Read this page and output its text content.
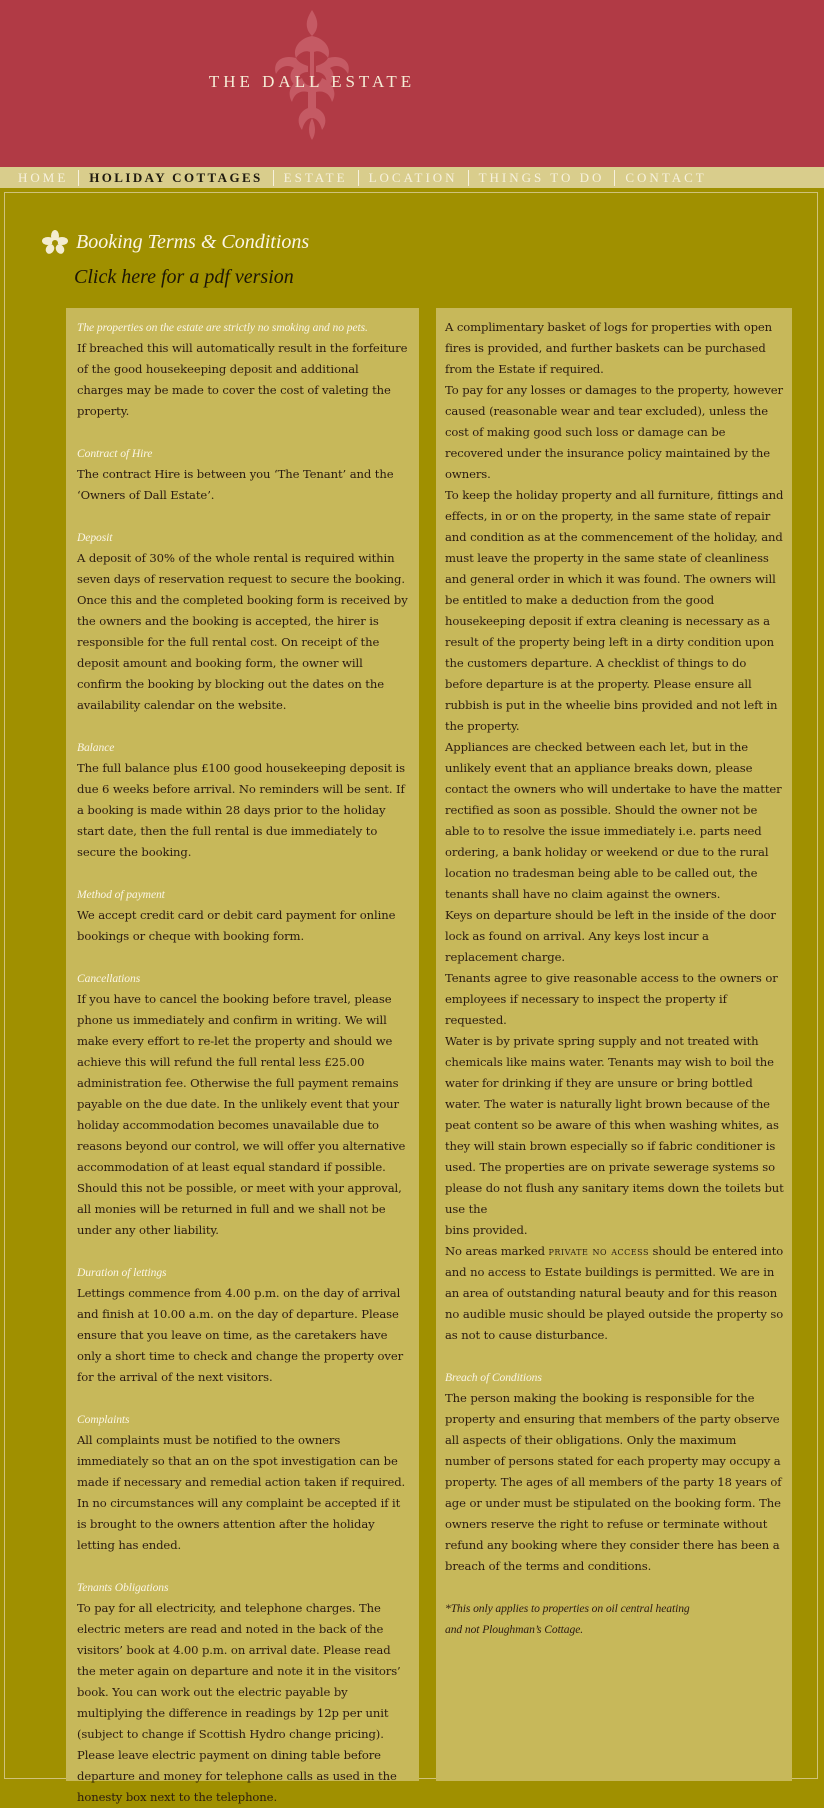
THE DALL ESTATE
HOME	HOLIDAY COTTAGES	ESTATE	LOCATION	THINGS TO DO	CONTACT
Booking Terms & Conditions
Click here for a pdf version

The properties on the estate are strictly no smoking and no pets.

If breached this will automatically result in the forfeiture of the good housekeeping deposit and additional charges may be made to cover the cost of valeting the property.

Contract of Hire

The contract Hire is between you ‘The Tenant’ and the ‘Owners of Dall Estate’.

Deposit

A deposit of 30% of the whole rental is required within seven days of reservation request to secure the booking. Once this and the completed booking form is received by the owners and the booking is accepted, the hirer is responsible for the full rental cost. On receipt of the deposit amount and booking form, the owner will confirm the booking by blocking out the dates on the availability calendar on the website.

Balance

The full balance plus £100 good housekeeping deposit is due 6 weeks before arrival. No reminders will be sent. If a booking is made within 28 days prior to the holiday start date, then the full rental is due immediately to secure the booking.

Method of payment

We accept credit card or debit card payment for online bookings or cheque with booking form.

Cancellations

If you have to cancel the booking before travel, please phone us immediately and confirm in writing. We will make every effort to re-let the property and should we achieve this will refund the full rental less £25.00 administration fee. Otherwise the full payment remains payable on the due date. In the unlikely event that your holiday accommodation becomes unavailable due to reasons beyond our control, we will offer you alternative accommodation of at least equal standard if possible. Should this not be possible, or meet with your approval, all monies will be returned in full and we shall not be under any other liability.

Duration of lettings

Lettings commence from 4.00 p.m. on the day of arrival and finish at 10.00 a.m. on the day of departure. Please ensure that you leave on time, as the caretakers have only a short time to check and change the property over for the arrival of the next visitors.

Complaints

All complaints must be notified to the owners immediately so that an on the spot investigation can be made if necessary and remedial action taken if required. In no circumstances will any complaint be accepted if it is brought to the owners attention after the holiday letting has ended.

Tenants Obligations

To pay for all electricity, and telephone charges. The electric meters are read and noted in the back of the visitors’ book at 4.00 p.m. on arrival date. Please read the meter again on departure and note it in the visitors’ book. You can work out the electric payable by multiplying the difference in readings by 12p per unit (subject to change if Scottish Hydro change pricing). Please leave electric payment on dining table before departure and money for telephone calls as used in the honesty box next to the telephone.

A complimentary basket of logs for properties with open fires is provided, and further baskets can be purchased from the Estate if required.

To pay for any losses or damages to the property, however caused (reasonable wear and tear excluded), unless the cost of making good such loss or damage can be recovered under the insurance policy maintained by the owners.

To keep the holiday property and all furniture, fittings and effects, in or on the property, in the same state of repair and condition as at the commencement of the holiday, and must leave the property in the same state of cleanliness and general order in which it was found. The owners will be entitled to make a deduction from the good housekeeping deposit if extra cleaning is necessary as a result of the property being left in a dirty condition upon the customers departure. A checklist of things to do before departure is at the property. Please ensure all rubbish is put in the wheelie bins provided and not left in the property.

Appliances are checked between each let, but in the unlikely event that an appliance breaks down, please contact the owners who will undertake to have the matter rectified as soon as possible. Should the owner not be able to to resolve the issue immediately i.e. parts need ordering, a bank holiday or weekend or due to the rural location no tradesman being able to be called out, the tenants shall have no claim against the owners.

Keys on departure should be left in the inside of the door lock as found on arrival. Any keys lost incur a replacement charge.

Tenants agree to give reasonable access to the owners or employees if necessary to inspect the property if requested.

Water is by private spring supply and not treated with chemicals like mains water. Tenants may wish to boil the water for drinking if they are unsure or bring bottled water. The water is naturally light brown because of the peat content so be aware of this when washing whites, as they will stain brown especially so if fabric conditioner is used. The properties are on private sewerage systems so please do not flush any sanitary items down the toilets but use the

bins provided.

No areas marked private no access should be entered into and no access to Estate buildings is permitted. We are in an area of outstanding natural beauty and for this reason no audible music should be played outside the property so as not to cause disturbance.

Breach of Conditions

The person making the booking is responsible for the property and ensuring that members of the party observe all aspects of their obligations. Only the maximum number of persons stated for each property may occupy a property. The ages of all members of the party 18 years of age or under must be stipulated on the booking form. The owners reserve the right to refuse or terminate without refund any booking where they consider there has been a breach of the terms and conditions.

*This only applies to properties on oil central heating

and not Ploughman’s Cottage.
